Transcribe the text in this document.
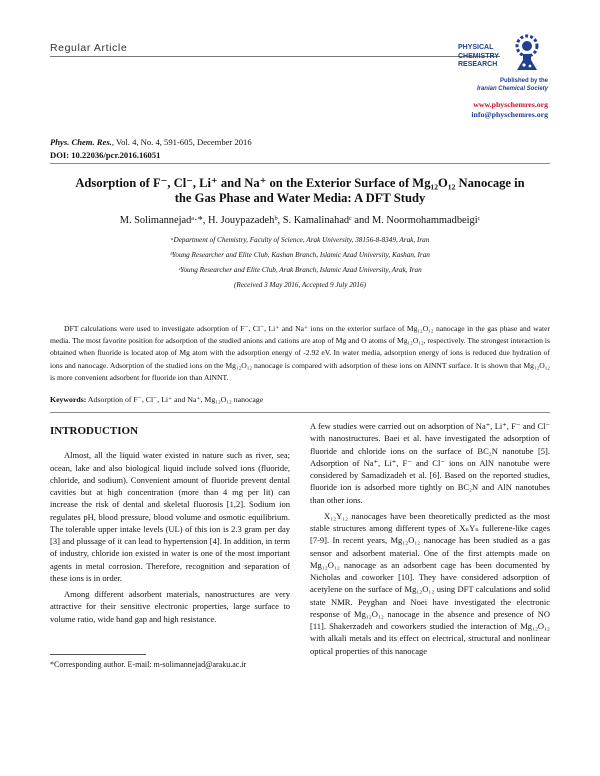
Regular Article	PHYSICAL
CHEMISTRY
RESEARCH
Published by the
Iranian Chemical Society
www.physchemres.org
info@physchemres.org
Phys. Chem. Res., Vol. 4, No. 4, 591-605, December 2016
DOI: 10.22036/pcr.2016.16051
Adsorption of F⁻, Cl⁻, Li⁺ and Na⁺ on the Exterior Surface of Mg₁₂O₁₂ Nanocage in
the Gas Phase and Water Media: A DFT Study
M. Solimannejadᵃ·*, H. Jouypazadehᵇ, S. Kamalinahadᶜ and M. Noormohammadbeigiᶜ
ᵃDepartment of Chemistry, Faculty of Science, Arak University, 38156-8-8349, Arak, Iran
ᵇYoung Researcher and Elite Club, Kashan Branch, Islamic Azad University, Kashan, Iran
ᶜYoung Researcher and Elite Club, Arak Branch, Islamic Azad University, Arak, Iran
(Received 3 May 2016, Accepted 9 July 2016)

DFT calculations were used to investigate adsorption of F⁻, Cl⁻, Li⁺ and Na⁺ ions on the exterior surface of Mg₁₂O₁₂ nanocage in the gas phase and water media. The most favorite position for adsorption of the studied anions and cations are atop of Mg and O atoms of Mg₁₂O₁₂, respectively. The strongest interaction is obtained when fluoride is located atop of Mg atom with the adsorption energy of -2.92 eV. In water media, adsorption energy of ions is reduced due hydration of ions and nanocage. Adsorption of the studied ions on the Mg₁₂O₁₂ nanocage is compared with adsorption of these ions on AlNNT surface. It is shown that Mg₁₂O₁₂ is more convenient adsorbent for fluoride ion than AlNNT.

Keywords: Adsorption of F⁻, Cl⁻, Li⁺ and Na⁺, Mg₁₂O₁₂ nanocage
INTRODUCTION

Almost, all the liquid water existed in nature such as river, sea; ocean, lake and also biological liquid include solved ions (fluoride, chloride, and sodium). Convenient amount of fluoride prevent dental cavities but at high concentration (more than 4 mg per lit) can increase the risk of dental and skeletal fluorosis [1,2]. Sodium ion regulates pH, blood pressure, blood volume and osmotic equilibrium. The tolerable upper intake levels (UL) of this ion is 2.3 gram per day [3] and plussage of it can lead to hypertension [4]. In addition, in term of industry, chloride ion existed in water is one of the most important agents in metal corrosion. Therefore, recognition and separation of these ions is in order.

Among different adsorbent materials, nanostructures are very attractive for their sensitive electronic properties, large surface to volume ratio, wide band gap and high resistance.

A few studies were carried out on adsorption of Na⁺, Li⁺, F⁻ and Cl⁻ with nanostructures. Baei et al. have investigated the adsorption of fluoride and chloride ions on the surface of BC₂N nanotube [5]. Adsorption of Na⁺, Li⁺, F⁻ and Cl⁻ ions on AlN nanotube were considered by Samadizadeh et al. [6]. Based on the reported studies, fluoride ion is adsorbed more tightly on BC₂N and AlN nanotubes than other ions.

X₁₂Y₁₂ nanocages have been theoretically predicted as the most stable structures among different types of XₙYₙ fullerene-like cages [7-9]. In recent years, Mg₁₂O₁₂ nanocage has been studied as a gas sensor and adsorbent material. One of the first attempts made on Mg₁₂O₁₂ nanocage as an adsorbent cage has been documented by Nicholas and coworker [10]. They have considered adsorption of acetylene on the surface of Mg₁₂O₁₂ using DFT calculations and solid state NMR. Peyghan and Noei have investigated the electronic response of Mg₁₂O₁₂ nanocage in the absence and presence of NO [11]. Shakerzadeh and coworkers studied the interaction of Mg₁₂O₁₂ with alkali metals and its effect on electrical, structural and nonlinear optical properties of this nanocage

*Corresponding author. E-mail: m-solimannejad@araku.ac.ir
